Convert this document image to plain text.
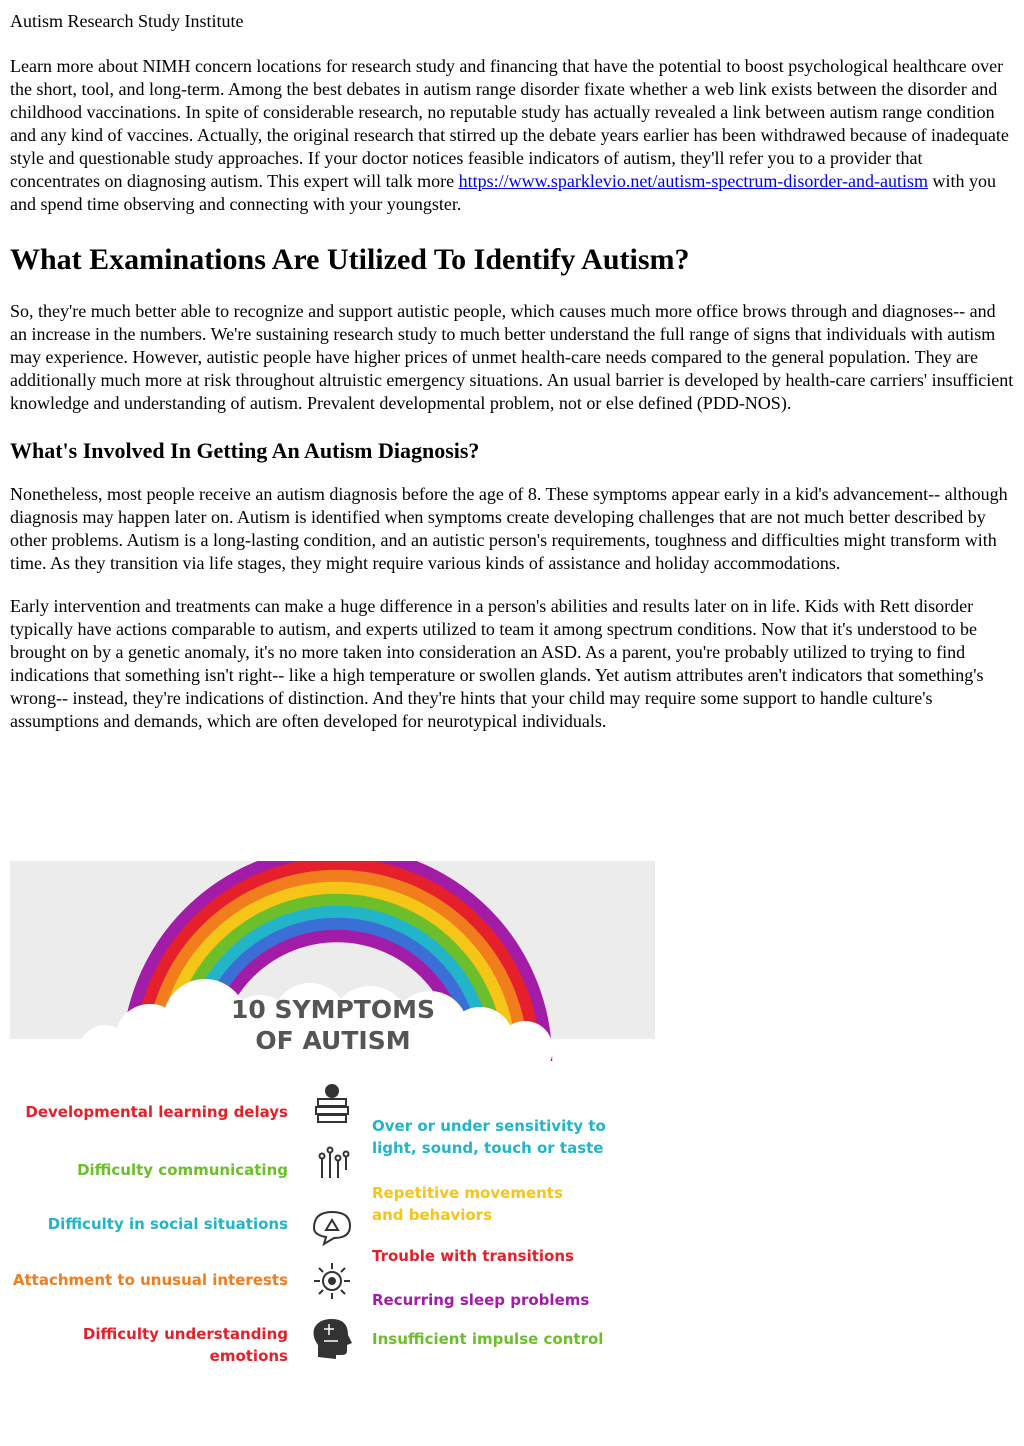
Autism Research Study Institute

Learn more about NIMH concern locations for research study and financing that have the potential to boost psychological healthcare over the short, tool, and long-term. Among the best debates in autism range disorder fixate whether a web link exists between the disorder and childhood vaccinations. In spite of considerable research, no reputable study has actually revealed a link between autism range condition and any kind of vaccines. Actually, the original research that stirred up the debate years earlier has been withdrawed because of inadequate style and questionable study approaches. If your doctor notices feasible indicators of autism, they'll refer you to a provider that concentrates on diagnosing autism. This expert will talk more https://www.sparklevio.net/autism-spectrum-disorder-and-autism with you and spend time observing and connecting with your youngster.

What Examinations Are Utilized To Identify Autism?

So, they're much better able to recognize and support autistic people, which causes much more office brows through and diagnoses-- and an increase in the numbers. We're sustaining research study to much better understand the full range of signs that individuals with autism may experience. However, autistic people have higher prices of unmet health-care needs compared to the general population. They are additionally much more at risk throughout altruistic emergency situations. An usual barrier is developed by health-care carriers' insufficient knowledge and understanding of autism. Prevalent developmental problem, not or else defined (PDD-NOS).

What's Involved In Getting An Autism Diagnosis?

Nonetheless, most people receive an autism diagnosis before the age of 8. These symptoms appear early in a kid's advancement-- although diagnosis may happen later on. Autism is identified when symptoms create developing challenges that are not much better described by other problems. Autism is a long-lasting condition, and an autistic person's requirements, toughness and difficulties might transform with time. As they transition via life stages, they might require various kinds of assistance and holiday accommodations.

Early intervention and treatments can make a huge difference in a person's abilities and results later on in life. Kids with Rett disorder typically have actions comparable to autism, and experts utilized to team it among spectrum conditions. Now that it's understood to be brought on by a genetic anomaly, it's no more taken into consideration an ASD. As a parent, you're probably utilized to trying to find indications that something isn't right-- like a high temperature or swollen glands. Yet autism attributes aren't indicators that something's wrong-- instead, they're indications of distinction. And they're hints that your child may require some support to handle culture's assumptions and demands, which are often developed for neurotypical individuals.

10 SYMPTOMS
OF AUTISM
Developmental learning delays
Difficulty communicating
Difficulty in social situations
Attachment to unusual interests
Difficulty understanding
emotions
Over or under sensitivity to
light, sound, touch or taste
Repetitive movements
and behaviors
Trouble with transitions
Recurring sleep problems
Insufficient impulse control
